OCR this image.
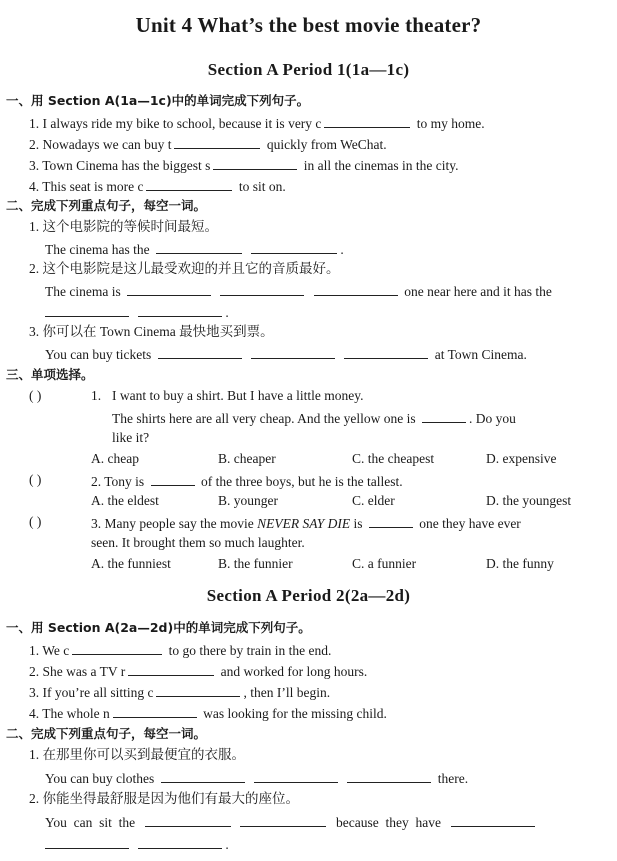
Unit 4 What’s the best movie theater?
Section A Period 1(1a—1c)
一、用 Section A(1a—1c)中的单词完成下列句子。
1. I always ride my bike to school, because it is very c	to my home.
2. Nowadays we can buy t	quickly from WeChat.
3. Town Cinema has the biggest s	in all the cinemas in the city.
4. This seat is more c	to sit on.
二、完成下列重点句子，每空一词。
1. 这个电影院的等候时间最短。
The cinema has the	.
2. 这个电影院是这儿最受欢迎的并且它的音质最好。
The cinema is	one near here and it has the
.
3. 你可以在 Town Cinema 最快地买到票。
You can buy tickets	at Town Cinema.
三、单项选择。
( )	1. I want to buy a shirt. But I have a little money.
The shirts here are all very cheap. And the yellow one is	. Do you
like it?
A. cheap	B. cheaper	C. the cheapest	D. expensive
( )	2. Tony is	of the three boys, but he is the tallest.
A. the eldest	B. younger	C. elder	D. the youngest
( )	3. Many people say the movie NEVER SAY DIE is	one they have ever
seen. It brought them so much laughter.
A. the funniest	B. the funnier	C. a funnier	D. the funny
Section A Period 2(2a—2d)
一、用 Section A(2a—2d)中的单词完成下列句子。
1. We c	to go there by train in the end.
2. She was a TV r	and worked for long hours.
3. If you’re all sitting c	, then I’ll begin.
4. The whole n	was looking for the missing child.
二、完成下列重点句子，每空一词。
1. 在那里你可以买到最便宜的衣服。
You can buy clothes	there.
2. 你能坐得最舒服是因为他们有最大的座位。
You  can  sit  the	because  they  have
.
